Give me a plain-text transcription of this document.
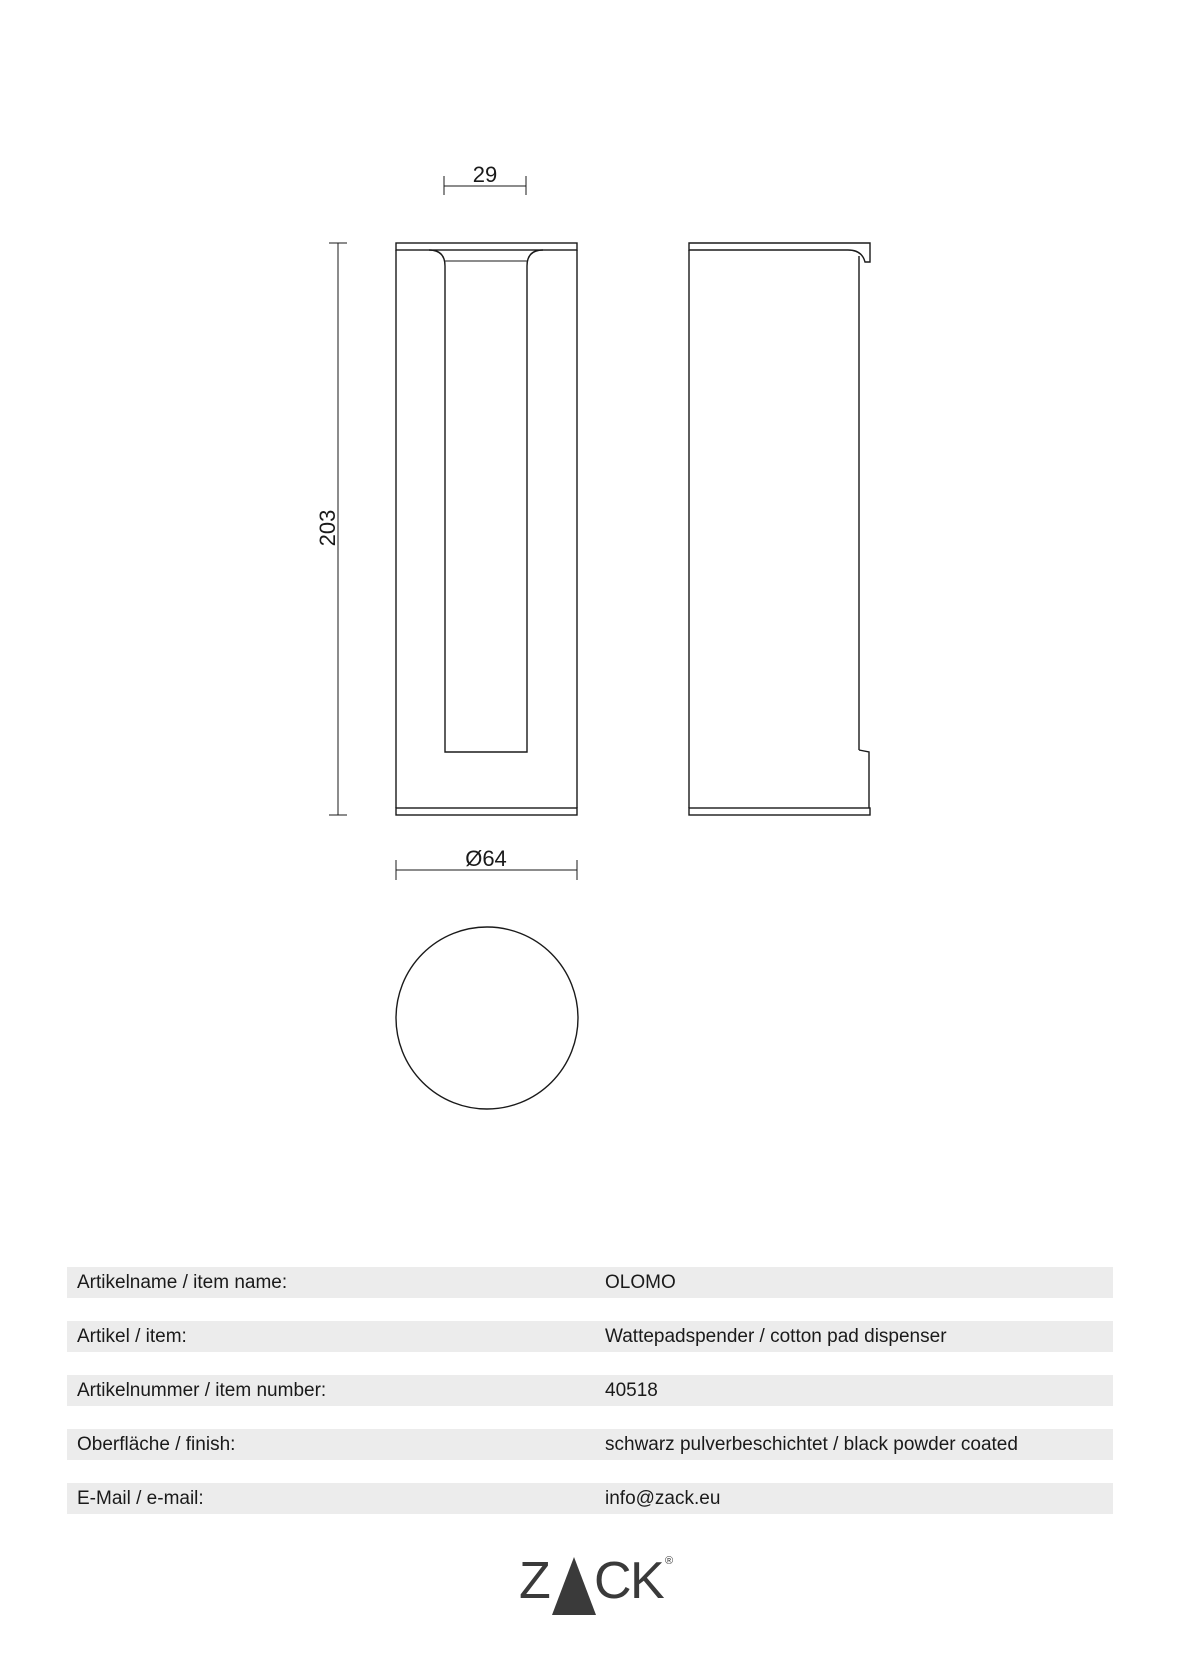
29
203
Ø64
Artikelname / item name:	OLOMO
Artikel / item:	Wattepadspender / cotton pad dispenser
Artikelnummer / item number:	40518
Oberfläche / finish:	schwarz pulverbeschichtet / black powder coated
E-Mail / e-mail:	info@zack.eu
Z C
K ®
